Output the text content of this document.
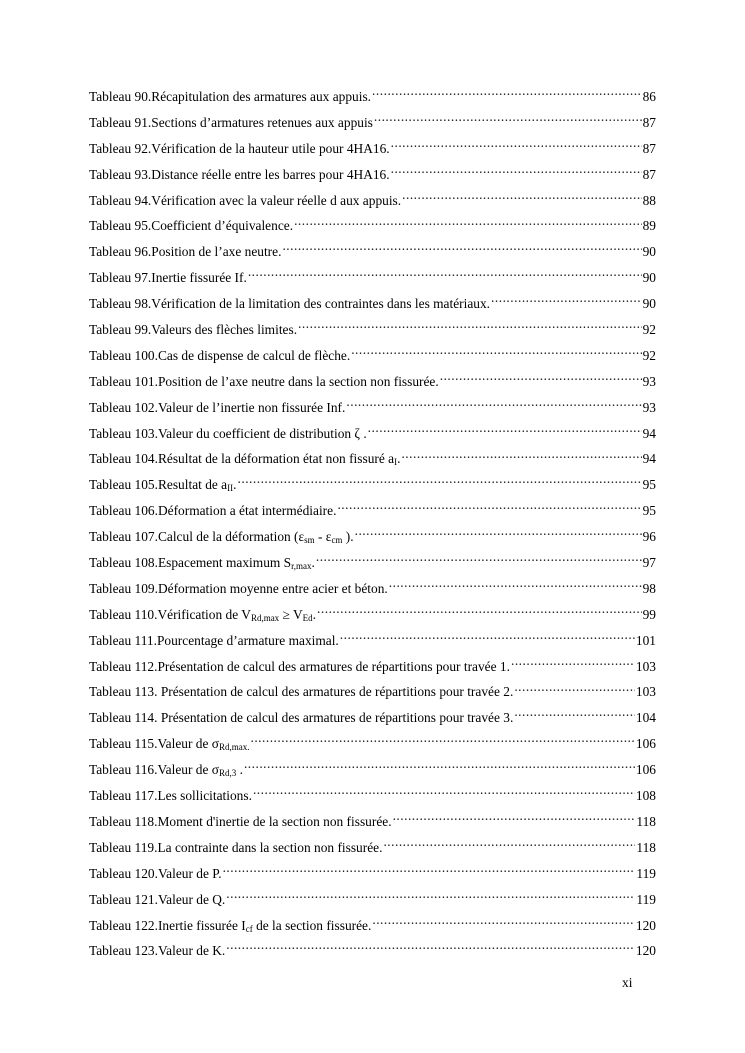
Tableau 90.Récapitulation des armatures aux appuis. .....	86
Tableau 91.Sections d’armatures retenues aux appuis .....	87
Tableau 92.Vérification de la hauteur utile pour 4HA16. .....	87
Tableau 93.Distance réelle entre les barres pour 4HA16. .....	87
Tableau 94.Vérification avec la valeur réelle d aux appuis. .....	88
Tableau 95.Coefficient d’équivalence. .....	89
Tableau 96.Position de l’axe neutre. .....	90
Tableau 97.Inertie fissurée If. .....	90
Tableau 98.Vérification de la limitation des contraintes dans les matériaux. .....	90
Tableau 99.Valeurs des flèches limites. .....	92
Tableau 100.Cas de dispense de calcul de flèche. .....	92
Tableau 101.Position de l’axe neutre dans la section non fissurée. .....	93
Tableau 102.Valeur de l’inertie non fissurée Inf. .....	93
Tableau 103.Valeur du coefficient de distribution ζ . .....	94
Tableau 104.Résultat de la déformation état non fissuré $a_I$. .....	94
Tableau 105.Resultat de $a_{II}$. .....	95
Tableau 106.Déformation a état intermédiaire. .....	95
Tableau 107.Calcul de la déformation ($\varepsilon_{sm} - \varepsilon_{cm}$ ). .....	96
Tableau 108.Espacement maximum $S_{r,max}$. .....	97
Tableau 109.Déformation moyenne entre acier et béton. .....	98
Tableau 110.Vérification de $V_{Rd,max} \ge V_{Ed}$. .....	99
Tableau 111.Pourcentage d’armature maximal. .....	101
Tableau 112.Présentation de calcul des armatures de répartitions pour travée 1. .....	103
Tableau 113. Présentation de calcul des armatures de répartitions pour travée 2. .....	103
Tableau 114. Présentation de calcul des armatures de répartitions pour travée 3. .....	104
Tableau 115.Valeur de $\sigma_{Rd,max.}$ .....	106
Tableau 116.Valeur de $\sigma_{Rd,3}$ . .....	106
Tableau 117.Les sollicitations. .....	108
Tableau 118.Moment d'inertie de la section non fissurée. .....	118
Tableau 119.La contrainte dans la section non fissurée. .....	118
Tableau 120.Valeur de P. .....	119
Tableau 121.Valeur de Q. .....	119
Tableau 122.Inertie fissurée $I_{cf}$ de la section fissurée. .....	120
Tableau 123.Valeur de K. .....	120
xi
